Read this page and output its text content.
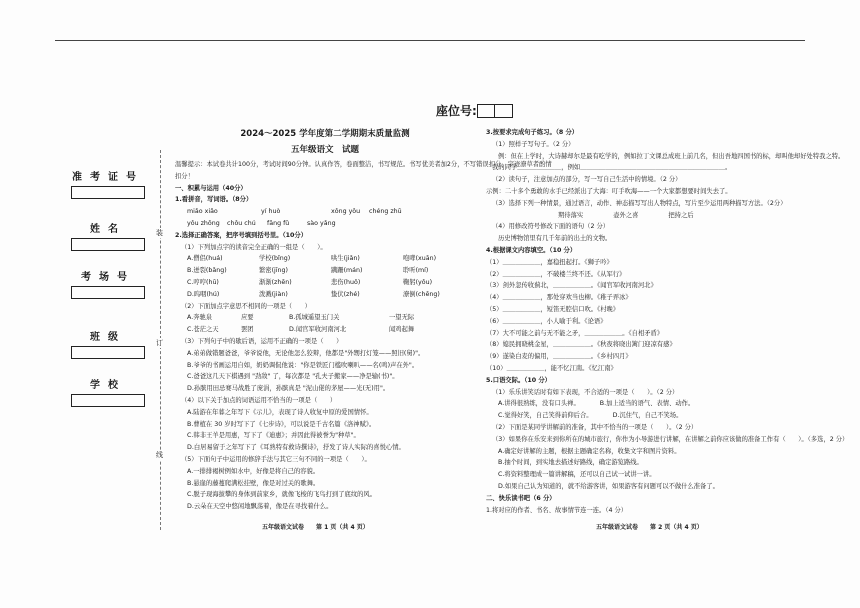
座位号:
准考证号
姓名
考场号
班级
学校
装
订
线
2024～2025 学年度第二学期期末质量监测
五年级语文　试题
温馨提示：本试卷共计100分，考试时间90分钟。认真作答，卷面整洁，书写规范。书写优美者加2分，不写错误扣分，字迹潦草者酌情
扣分！
一、积累与运用（40分）
1.看拼音，写词语。（8分）
miǎo xiǎo	yí huò	xǒng yǒu	chéng zhū
yǒu zhōng chǒu chú	fāng fǔ	sào yǎng
2.选择正确答案，把序号填到括号里。（10分）
（1）下列加点字的读音完全正确的一组是（　　）。
A.僧侣(huá)	学校(bǐng)	哄生(jiǎn)	咆哮(xuān)
B.迸裂(bǎng)	繁密(jīng)	蹒跚(mán)	聆听(mí)
C.哼哼(hū)	渐渐(zhēn)	悲伤(huǒ)	鞠躬(yǒu)
D.呜咽(hú)	泼溅(jiàn)	蛰伏(zhé)	潦倒(chēng)
（2）下面加点字意思不相同的一项是（　　）
A.奔驰泉	应要	B.孤城遥望玉门关	一望无际
C.苍茫之天	罢团	D.闻官军收河南河北	闻鸡起舞
（3）下列句子中的歇后语，运用不正确的一项是（　　）
A.弟弟做错题爸爸，爷爷说他，无论他怎么狡辩，他都是"外甥打灯笼——照旧(舅)"。
B.爷爷的书画运用自如，奶奶调侃他说："你是铁匠门槛吹喇叭——名(鸣)声在外"。
C.爸爸这几天下棋遇到 "劲敌" 了，每次都是 "孔夫子搬家——净是输(书)"。
D.孙膑用田忌赛马战胜了庞涓，孙膑真是 "泥山佬的茅屋——光(无)用"。
（4）以下关于加点的词语运用不恰当的一项是（　　）
A.陆游在年暮之年写下《示儿》，表现了诗人收复中原的爱国情怀。
B.曹植在 30 岁时写下了《七步诗》，可以说是千古名篇《洛神赋》。
C.韩非王羊是用惠，写下了《迪惠》；并因此得被誉为"种草"。
D.白居易留于之年写下了《耳熟特有救诗撰诗》，抒发了诗人实际的喜悦心情。
（5）下面句子中运用的修辞手法与其它三句不同的一项是（　　）。
A.一排排褐树例如水中，好像是将自己的容貌。
B.悬崖的藤蔓爬满松挂壁，像是对过关的歌舞。
C.脱子现海拔攀的身体到前家乡，就像飞梭的飞鸟打到了底纹的风。
D.云朵在天空中悠闲地飘荡着，像是在寻找着什么。
3.按要求完成句子练习。（8 分）
（1）照样子写句子。（2 分）
例：但在上学时，大诗赫却尔是最有吃学的，例如拉丁文课总成班上前几名，但出吾地四国书的标，却叫他却好处特我之特。
我的同学＿＿＿＿＿＿＿，例如＿＿＿＿＿＿＿＿＿＿＿＿＿＿＿＿＿＿＿＿＿＿＿。
（2）读句子，注意加点的部分，写一写自己生活中的情境。（2 分）
示例：二十多个勇敢的水手已经派出了大海：叮手吹海——一个大家都想要时间失去了。
（3）选择下列一种情景，通过语言，动作、神态描写写出人物特点，写片至少运用两种描写方法。（2分）
期待落实	壶外之喜	把持之后
（4）用修改符号修改下面的语句（2 分）
历史博物馆里有几千年前的出土的文物。
4.根据课文内容填空。（10 分）
（1）＿＿＿＿＿＿，嘉稳扭起打。《狮子吟》
（2）＿＿＿＿＿＿，不破楼兰终不还。《从军行》
（3）剑外忽传收蓟北，＿＿＿＿＿＿。《闻官军收河南河北》
（4）＿＿＿＿＿＿，那处穿欢当也柳。《稚子弄冰》
（5）＿＿＿＿＿＿，短笛无腔信口吹。《村晚》
（6）＿＿＿＿＿＿，小人喻于利。《论语》
（7）大不可能之前与无不能之矛，＿＿＿＿＿＿。《自相矛盾》
（8）媳民拥晓桃金星，＿＿＿＿＿＿。《秋夜将晓出篱门迎凉有感》
（9）遂染白麦的偏用，＿＿＿＿＿＿。《乡村四月》
（10）＿＿＿＿＿＿，能不忆江南。《忆江南》
5.口语交际。（10 分）
（1）乐乐讲笑话时有如下表现，不合适的一项是（　　）。（2 分）
A.讲得很熟练，没有口头禅。	B.加上适当的语气、表情、动作。
C.觉得好笑，自己笑得前仰后合。	D.沉住气，自己不笑场。
（2）下面是某同学讲解前的准备，其中不恰当的一项是（　　）。（2 分）
（3）如果你在乐安来到你所在的城市旅行，你作为小导游进行讲解，在讲解之前你应该做的准备工作有（　　）。（多选，2 分）
A.确定好讲解的主题，根据主题确定名称，收集文字和图片资料。
B.抽个时间，到实地去描述好路线，确定游览路线。
C.将资料整理成一篇讲解稿，还可以自己试一试讲一讲。
D.如果自己认为知道的，就不给游客讲，如果游客有问题可以不做什么准备了。
二、快乐读书吧（6 分）
1.将对应的作者、书名、故事情节连一连。（4 分）
五年级语文试卷　　第 1 页（共 4 页）	五年级语文试卷　　第 2 页（共 4 页）
